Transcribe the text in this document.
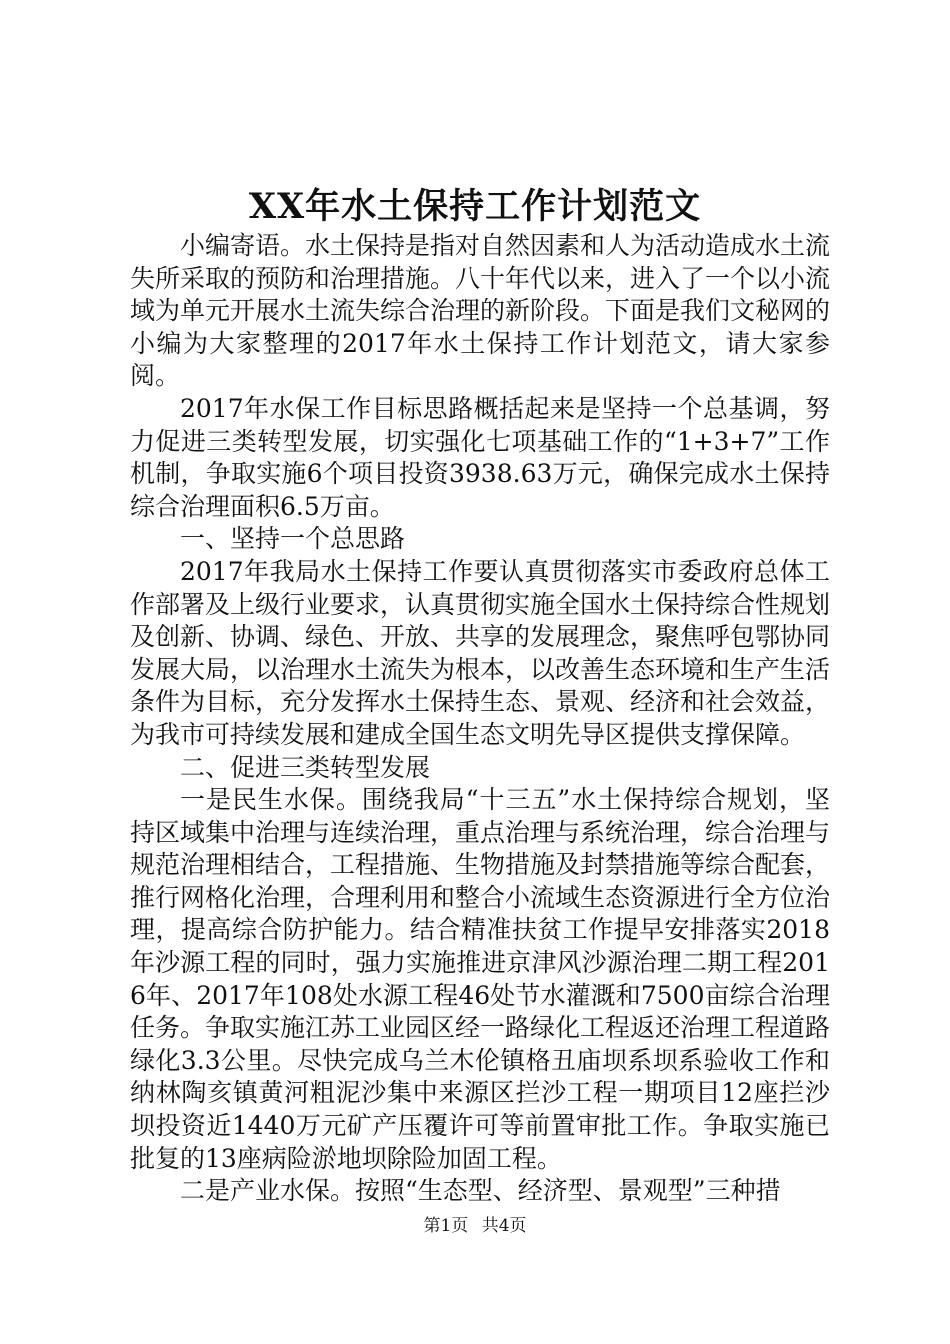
XX年水土保持工作计划范文

小编寄语。水土保持是指对自然因素和人为活动造成水土流失所采取的预防和治理措施。八十年代以来，进入了一个以小流域为单元开展水土流失综合治理的新阶段。下面是我们文秘网的小编为大家整理的2017年水土保持工作计划范文，请大家参阅。

2017年水保工作目标思路概括起来是坚持一个总基调，努力促进三类转型发展，切实强化七项基础工作的“1+3+7”工作机制，争取实施6个项目投资3938.63万元，确保完成水土保持综合治理面积6.5万亩。

一、坚持一个总思路

2017年我局水土保持工作要认真贯彻落实市委政府总体工作部署及上级行业要求，认真贯彻实施全国水土保持综合性规划及创新、协调、绿色、开放、共享的发展理念，聚焦呼包鄂协同发展大局，以治理水土流失为根本，以改善生态环境和生产生活条件为目标，充分发挥水土保持生态、景观、经济和社会效益，为我市可持续发展和建成全国生态文明先导区提供支撑保障。

二、促进三类转型发展

一是民生水保。围绕我局“十三五”水土保持综合规划，坚持区域集中治理与连续治理，重点治理与系统治理，综合治理与规范治理相结合，工程措施、生物措施及封禁措施等综合配套，推行网格化治理，合理利用和整合小流域生态资源进行全方位治理，提高综合防护能力。结合精准扶贫工作提早安排落实2018年沙源工程的同时，强力实施推进京津风沙源治理二期工程2016年、2017年108处水源工程46处节水灌溉和7500亩综合治理任务。争取实施江苏工业园区经一路绿化工程返还治理工程道路绿化3.3公里。尽快完成乌兰木伦镇格丑庙坝系坝系验收工作和纳林陶亥镇黄河粗泥沙集中来源区拦沙工程一期项目12座拦沙坝投资近1440万元矿产压覆许可等前置审批工作。争取实施已批复的13座病险淤地坝除险加固工程。

二是产业水保。按照“生态型、经济型、景观型”三种措

第1页 共4页
